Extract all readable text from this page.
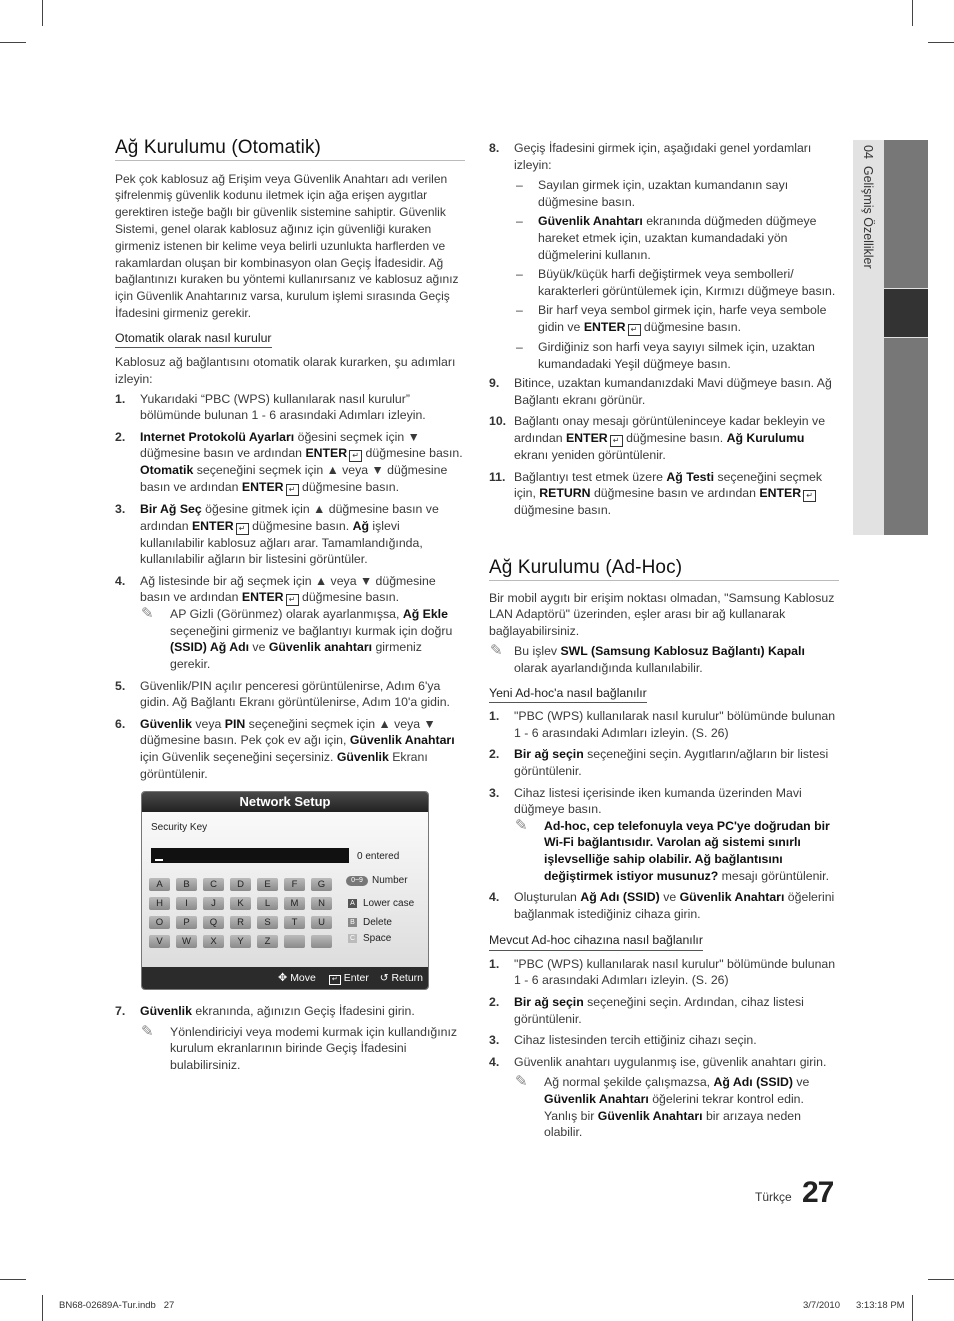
04  Gelişmiş Özellikler
Ağ Kurulumu (Otomatik)

Pek çok kablosuz ağ Erişim veya Güvenlik Anahtarı adı verilen şifrelenmiş güvenlik kodunu iletmek için ağa erişen aygıtlar gerektiren isteğe bağlı bir güvenlik sistemine sahiptir. Güvenlik Sistemi, genel olarak kablosuz ağınız için güvenliği kuraken girmeniz istenen bir kelime veya belirli uzunlukta harflerden ve rakamlardan oluşan bir kombinasyon olan Geçiş İfadesidir. Ağ bağlantınızı kuraken bu yöntemi kullanırsanız ve kablosuz ağınız için Güvenlik Anahtarınız varsa, kurulum işlemi sırasında Geçiş İfadesini girmeniz gerekir.

Otomatik olarak nasıl kurulur

Kablosuz ağ bağlantısını otomatik olarak kurarken, şu adımları izleyin:

1. Yukarıdaki “PBC (WPS) kullanılarak nasıl kurulur” bölümünde bulunan 1 - 6 arasındaki Adımları izleyin.
2. Internet Protokolü Ayarları öğesini seçmek için ▼ düğmesine basın ve ardından ENTER ↵ düğmesine basın. Otomatik seçeneğini seçmek için ▲ veya ▼ düğmesine basın ve ardından ENTER ↵ düğmesine basın.
3. Bir Ağ Seç öğesine gitmek için ▲ düğmesine basın ve ardından ENTER ↵ düğmesine basın. Ağ işlevi kullanılabilir kablosuz ağları arar. Tamamlandığında, kullanılabilir ağların bir listesini görüntüler.
4. Ağ listesinde bir ağ seçmek için ▲ veya ▼ düğmesine basın ve ardından ENTER ↵ düğmesine basın.
✎ AP Gizli (Görünmez) olarak ayarlanmışsa, Ağ Ekle seçeneğini girmeniz ve bağlantıyı kurmak için doğru (SSID) Ağ Adı ve Güvenlik anahtarı girmeniz gerekir.
5. Güvenlik/PIN açılır penceresi görüntülenirse, Adım 6'ya gidin. Ağ Bağlantı Ekranı görüntülenirse, Adım 10'a gidin.
6. Güvenlik veya PIN seçeneğini seçmek için ▲ veya ▼ düğmesine basın. Pek çok ev ağı için, Güvenlik Anahtarı için Güvenlik seçeneğini seçersiniz. Güvenlik Ekranı görüntülenir.
Network Setup
Security Key
0 entered
A	B	C	D	E	F	G
H	I	J	K	L	M	N
O	P	Q	R	S	T	U
V	W	X	Y	Z
0~9 Number
A Lower case
B Delete
C Space
✥ Move ↵ Enter ↺ Return
7. Güvenlik ekranında, ağınızın Geçiş İfadesini girin.
✎ Yönlendiriciyi veya modemi kurmak için kullandığınız kurulum ekranlarının birinde Geçiş İfadesini bulabilirsiniz.
8. Geçiş İfadesini girmek için, aşağıdaki genel yordamları izleyin:
– Sayılan girmek için, uzaktan kumandanın sayı düğmesine basın.
– Güvenlik Anahtarı ekranında düğmeden düğmeye hareket etmek için, uzaktan kumandadaki yön düğmelerini kullanın.
– Büyük/küçük harfi değiştirmek veya sembolleri/ karakterleri görüntülemek için, Kırmızı düğmeye basın.
– Bir harf veya sembol girmek için, harfe veya sembole gidin ve ENTER ↵ düğmesine basın.
– Girdiğiniz son harfi veya sayıyı silmek için, uzaktan kumandadaki Yeşil düğmeye basın.
9. Bitince, uzaktan kumandanızdaki Mavi düğmeye basın. Ağ Bağlantı ekranı görünür.
10. Bağlantı onay mesajı görüntüleninceye kadar bekleyin ve ardından ENTER ↵ düğmesine basın. Ağ Kurulumu ekranı yeniden görüntülenir.
11. Bağlantıyı test etmek üzere Ağ Testi seçeneğini seçmek için, RETURN düğmesine basın ve ardından ENTER ↵ düğmesine basın.
Ağ Kurulumu (Ad-Hoc)

Bir mobil aygıtı bir erişim noktası olmadan, "Samsung Kablosuz LAN Adaptörü" üzerinden, eşler arası bir ağ kullanarak bağlayabilirsiniz.

✎ Bu işlev SWL (Samsung Kablosuz Bağlantı) Kapalı olarak ayarlandığında kullanılabilir.

Yeni Ad-hoc'a nasıl bağlanılır

1. "PBC (WPS) kullanılarak nasıl kurulur" bölümünde bulunan 1 - 6 arasındaki Adımları izleyin. (S. 26)
2. Bir ağ seçin seçeneğini seçin. Aygıtların/ağların bir listesi görüntülenir.
3. Cihaz listesi içerisinde iken kumanda üzerinden Mavi düğmeye basın.
✎ Ad-hoc, cep telefonuyla veya PC'ye doğrudan bir Wi-Fi bağlantısıdır. Varolan ağ sistemi sınırlı işlevselliğe sahip olabilir. Ağ bağlantısını değiştirmek istiyor musunuz? mesajı görüntülenir.
4. Oluşturulan Ağ Adı (SSID) ve Güvenlik Anahtarı öğelerini bağlanmak istediğiniz cihaza girin.

Mevcut Ad-hoc cihazına nasıl bağlanılır

1. "PBC (WPS) kullanılarak nasıl kurulur" bölümünde bulunan 1 - 6 arasındaki Adımları izleyin. (S. 26)
2. Bir ağ seçin seçeneğini seçin. Ardından, cihaz listesi görüntülenir.
3. Cihaz listesinden tercih ettiğiniz cihazı seçin.
4. Güvenlik anahtarı uygulanmış ise, güvenlik anahtarı girin.
✎ Ağ normal şekilde çalışmazsa, Ağ Adı (SSID) ve Güvenlik Anahtarı öğelerini tekrar kontrol edin. Yanlış bir Güvenlik Anahtarı bir arızaya neden olabilir.
Türkçe 27
BN68-02689A-Tur.indb   27	3/7/2010 3:13:18 PM
